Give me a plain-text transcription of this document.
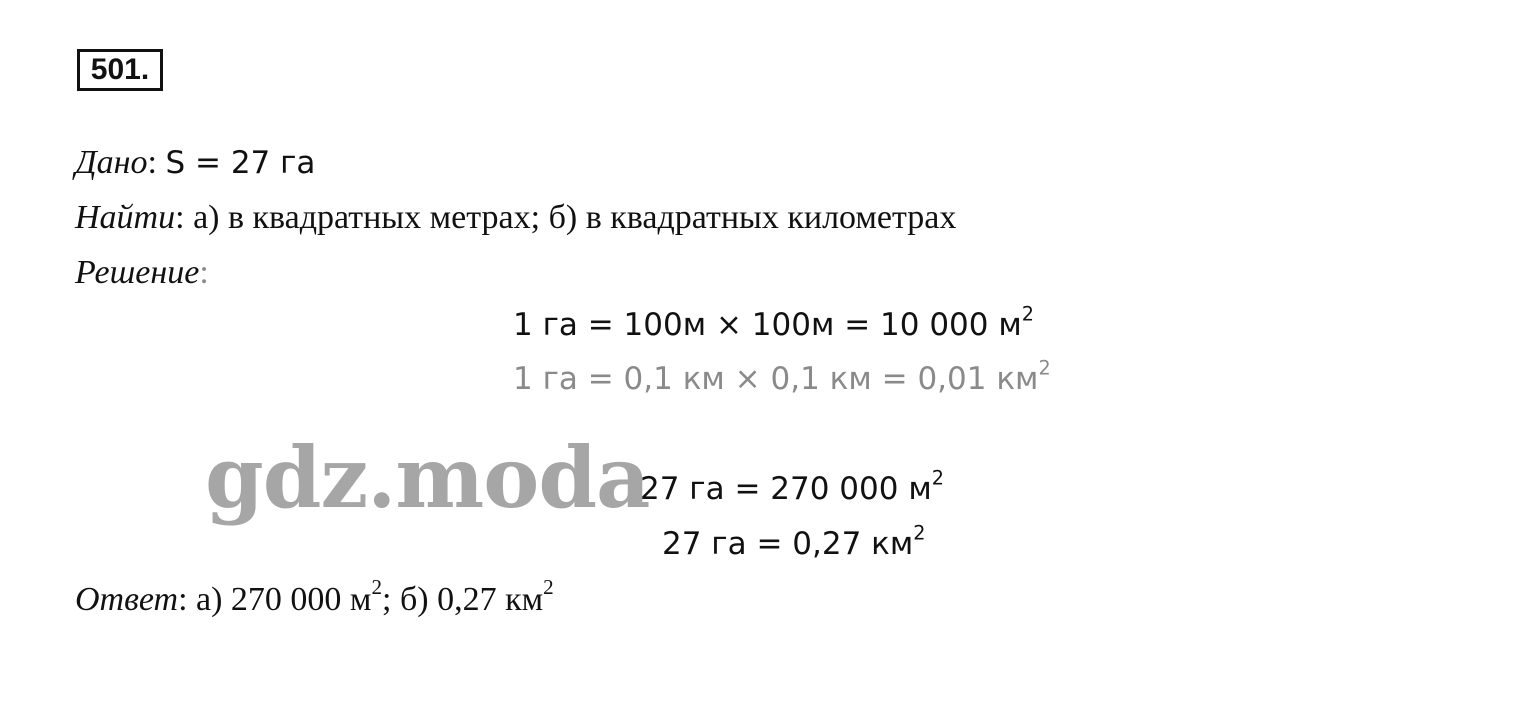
501.
Дано: S = 27 га
Найти: а) в квадратных метрах; б) в квадратных километрах
Решение:
1 га = 100м × 100м = 10 000 $м^2$
1 га = 0,1 км × 0,1 км = 0,01 $км^2$
gdz.moda
27 га = 270 000 $м^2$
27 га = 0,27 $км^2$
Ответ: а) 270 000 $м^2$; б) 0,27 $км^2$
